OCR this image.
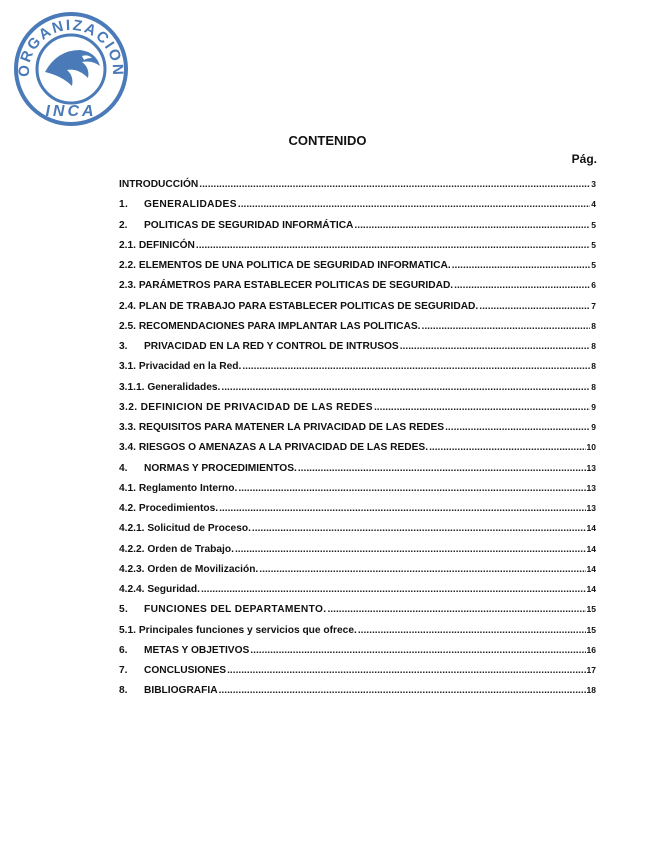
ORGANIZACION
INCA
CONTENIDO
Pág.
INTRODUCCIÓN .....	3
1.	GENERALIDADES .....	4
2.	POLITICAS DE SEGURIDAD INFORMÁTICA .....	5
2.1. DEFINICÓN .....	5
2.2. ELEMENTOS DE UNA POLITICA DE SEGURIDAD INFORMATICA. .....	5
2.3. PARÁMETROS PARA ESTABLECER POLITICAS DE SEGURIDAD. .....	6
2.4. PLAN DE TRABAJO PARA ESTABLECER POLITICAS DE SEGURIDAD. .....	7
2.5. RECOMENDACIONES PARA IMPLANTAR LAS POLITICAS. .....	8
3.	PRIVACIDAD EN LA RED Y CONTROL DE INTRUSOS .....	8
3.1. Privacidad en la Red. .....	8
3.1.1. Generalidades. .....	8
3.2. DEFINICION DE PRIVACIDAD DE LAS REDES .....	9
3.3. REQUISITOS PARA MATENER LA PRIVACIDAD DE LAS REDES .....	9
3.4. RIESGOS O AMENAZAS A LA PRIVACIDAD DE LAS REDES. .....	10
4.	NORMAS Y PROCEDIMIENTOS. .....	13
4.1. Reglamento Interno. .....	13
4.2. Procedimientos. .....	13
4.2.1. Solicitud de Proceso. .....	14
4.2.2. Orden de Trabajo. .....	14
4.2.3. Orden de Movilización. .....	14
4.2.4. Seguridad. .....	14
5.	FUNCIONES DEL DEPARTAMENTO. .....	15
5.1. Principales funciones y servicios que ofrece. .....	15
6.	METAS Y OBJETIVOS .....	16
7.	CONCLUSIONES .....	17
8.	BIBLIOGRAFIA .....	18
